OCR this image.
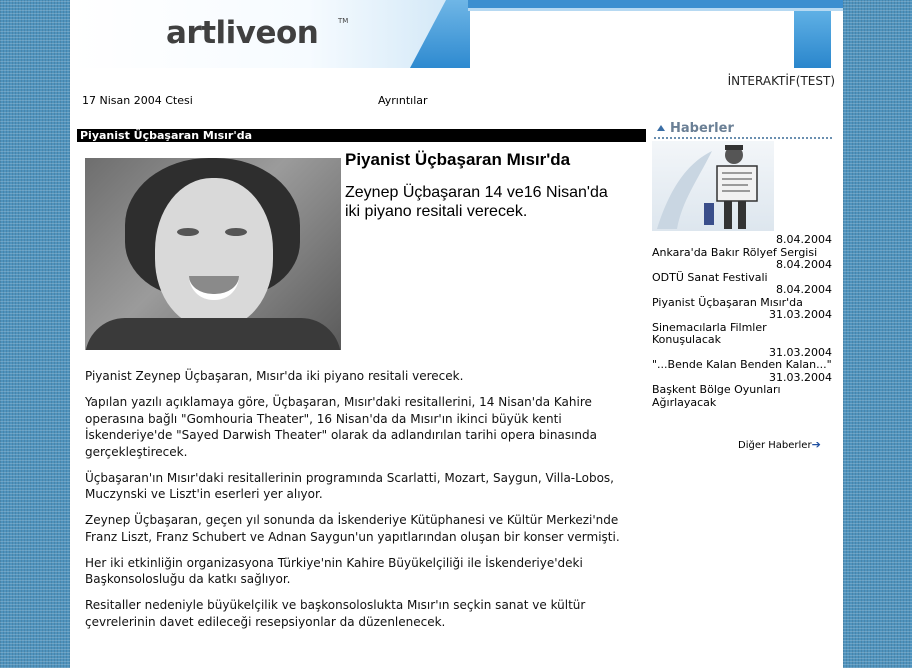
artliveon	TM
İNTERAKTİF(TEST)
17 Nisan 2004 Ctesi	Ayrıntılar
Piyanist Üçbaşaran Mısır'da
Piyanist Üçbaşaran Mısır'da
Zeynep Üçbaşaran 14 ve16 Nisan'da iki piyano resitali verecek.

Piyanist Zeynep Üçbaşaran, Mısır'da iki piyano resitali verecek.

Yapılan yazılı açıklamaya göre, Üçbaşaran, Mısır'daki resitallerini, 14 Nisan'da Kahire operasına bağlı "Gomhouria Theater", 16 Nisan'da da Mısır'ın ikinci büyük kenti İskenderiye'de "Sayed Darwish Theater" olarak da adlandırılan tarihi opera binasında gerçekleştirecek.

Üçbaşaran'ın Mısır'daki resitallerinin programında Scarlatti, Mozart, Saygun, Villa-Lobos, Muczynski ve Liszt'in eserleri yer alıyor.

Zeynep Üçbaşaran, geçen yıl sonunda da İskenderiye Kütüphanesi ve Kültür Merkezi'nde Franz Liszt, Franz Schubert ve Adnan Saygun'un yapıtlarından oluşan bir konser vermişti.

Her iki etkinliğin organizasyona Türkiye'nin Kahire Büyükelçiliği ile İskenderiye'deki Başkonsolosluğu da katkı sağlıyor.

Resitaller nedeniyle büyükelçilik ve başkonsoloslukta Mısır'ın seçkin sanat ve kültür çevrelerinin davet edileceği resepsiyonlar da düzenlenecek.

Haberler
8.04.2004
Ankara'da Bakır Rölyef Sergisi
8.04.2004
ODTÜ Sanat Festivali
8.04.2004
Piyanist Üçbaşaran Mısır'da
31.03.2004
Sinemacılarla Filmler Konuşulacak
31.03.2004
"...Bende Kalan Benden Kalan..."
31.03.2004
Başkent Bölge Oyunları Ağırlayacak
Diğer Haberler➔
